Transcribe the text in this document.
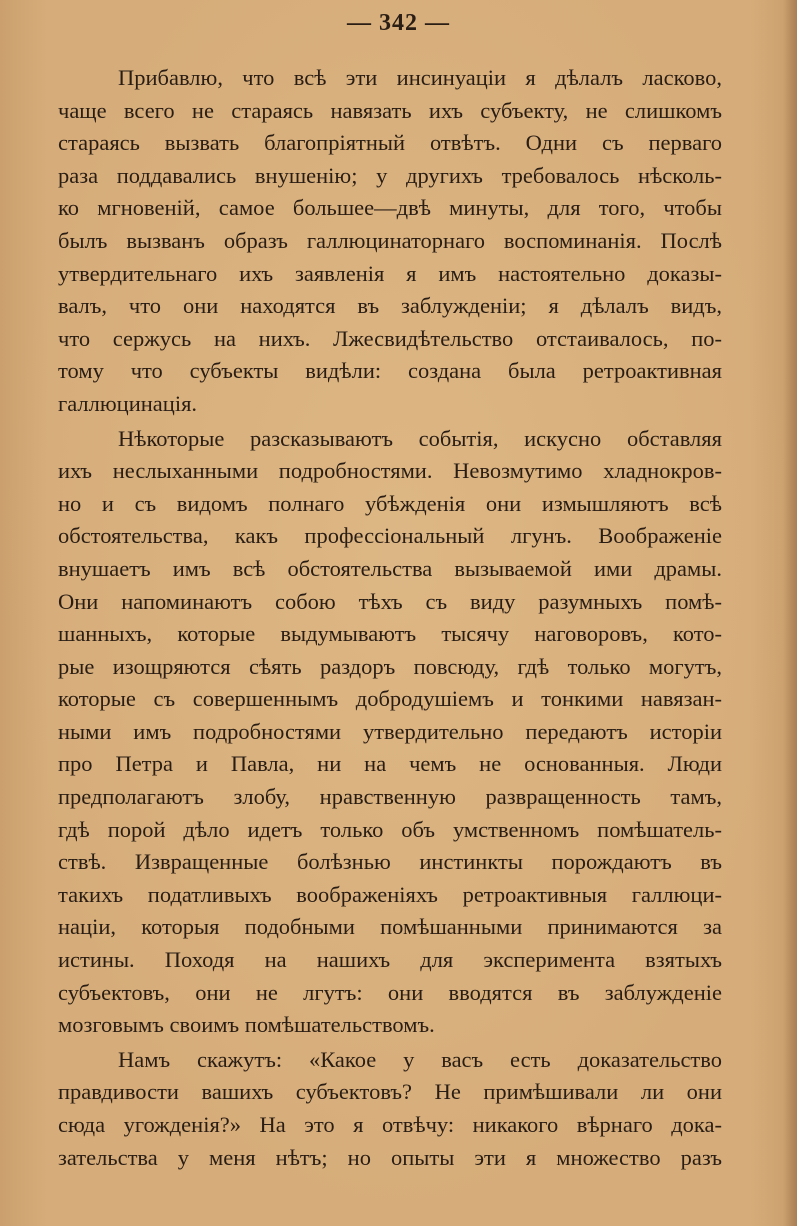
— 342 —
Прибавлю, что всѣ эти инсинуаціи я дѣлалъ ласково,
чаще всего не стараясь навязать ихъ субъекту, не слишкомъ
стараясь вызвать благопріятный отвѣтъ. Одни съ перваго
раза поддавались внушенію; у другихъ требовалось нѣсколь-
ко мгновеній, самое большее—двѣ минуты, для того, чтобы
былъ вызванъ образъ галлюцинаторнаго воспоминанія. Послѣ
утвердительнаго ихъ заявленія я имъ настоятельно доказы-
валъ, что они находятся въ заблужденіи; я дѣлалъ видъ,
что сержусь на нихъ. Лжесвидѣтельство отстаивалось, по-
тому что субъекты видѣли: создана была ретроактивная
галлюцинація.
Нѣкоторые разсказываютъ событія, искусно обставляя
ихъ неслыханными подробностями. Невозмутимо хладнокров-
но и съ видомъ полнаго убѣжденія они измышляютъ всѣ
обстоятельства, какъ профессіональный лгунъ. Воображеніе
внушаетъ имъ всѣ обстоятельства вызываемой ими драмы.
Они напоминаютъ собою тѣхъ съ виду разумныхъ помѣ-
шанныхъ, которые выдумываютъ тысячу наговоровъ, кото-
рые изощряются сѣять раздоръ повсюду, гдѣ только могутъ,
которые съ совершеннымъ добродушіемъ и тонкими навязан-
ными имъ подробностями утвердительно передаютъ исторіи
про Петра и Павла, ни на чемъ не основанныя. Люди
предполагаютъ злобу, нравственную развращенность тамъ,
гдѣ порой дѣло идетъ только объ умственномъ помѣшатель-
ствѣ. Извращенные болѣзнью инстинкты порождаютъ въ
такихъ податливыхъ воображеніяхъ ретроактивныя галлюци-
націи, которыя подобными помѣшанными принимаются за
истины. Походя на нашихъ для эксперимента взятыхъ
субъектовъ, они не лгутъ: они вводятся въ заблужденіе
мозговымъ своимъ помѣшательствомъ.
Намъ скажутъ: «Какое у васъ есть доказательство
правдивости вашихъ субъектовъ? Не примѣшивали ли они
сюда угожденія?» На это я отвѣчу: никакого вѣрнаго дока-
зательства у меня нѣтъ; но опыты эти я множество разъ
